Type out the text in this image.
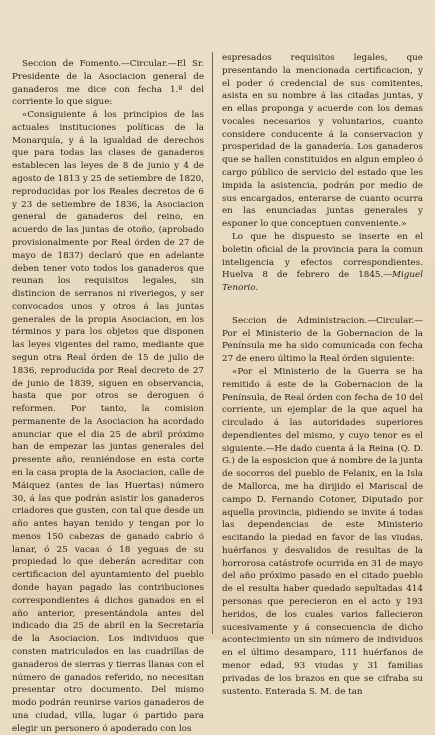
Seccion de Fomento.—Circular.—El Sr. Presidente de la Asociacion general de ganaderos me dice con fecha 1.º del corriente lo que sigue:

«Consiguiente á los principios de las actuales instituciones políticas de la Monarquía, y á la igualdad de derechos que para todas las clases de ganaderos establecen las leyes de 8 de junio y 4 de agosto de 1813 y 25 de setiembre de 1820, reproducidas por los Reales decretos de 6 y 23 de setiembre de 1836, la Asociacion general de ganaderos del reino, en acuerdo de las juntas de otoño, (aprobado provisionalmente por Real órden de 27 de mayo de 1837) declaró que en adelante deben tener voto todos los ganaderos que reunan los requisitos legales, sin distincion de serranos ni riveriegos, y ser convocados unos y otros á las juntas generales de la propia Asociacion, en los términos y para los objetos que disponen las leyes vigentes del ramo, mediante que segun otra Real órden de 15 de julio de 1836, reproducida por Real decreto de 27 de junio de 1839, siguen en observancia, hasta que por otros se deroguen ó reformen. Por tanto, la comision permanente de la Asociacion ha acordado anunciar que el dia 25 de abril próximo han de empezar las juntas generales del presente año, reuniéndose en esta corte en la casa propia de la Asociacion, calle de Máiquez (antes de las Huertas) número 30, á las que podrán asistir los ganaderos criadores que gusten, con tal que desde un año antes hayan tenido y tengan por lo menos 150 cabezas de ganado cabrío ó lanar, ó 25 vacas ó 18 yeguas de su propiedad lo que deberán acreditar con certificacion del ayuntamiento del pueblo donde hayan pagado las contribuciones correspondientes á dichos ganados en el año anterior, presentándola antes del indicado dia 25 de abril en la Secretaría de la Asociacion. Los individuos que consten matriculados en las cuadrillas de ganaderos de sierras y tierras llanas con el número de ganados referido, no necesitan presentar otro documento. Del mismo modo podrán reunirse varios ganaderos de una ciudad, villa, lugar ó partido para elegir un personero ó apoderado con los

espresados requisitos legales, que presentando la mencionada certificacion, y el poder ó credencial de sus comitentes, asista en su nombre á las citadas juntas, y en ellas proponga y acuerde con los demas vocales necesarios y voluntarios, cuanto considere conducente á la conservacion y prosperidad de la ganadería. Los ganaderos que se hallen constituidos en algun empleo ó cargo público de servicio del estado que les impida la asistencia, podrán por medio de sus encargados, enterarse de cuanto ocurra en las enunciadas juntas generales y esponer lo que conceptuen conveniente.»

Lo que he dispuesto se inserte en el boletin oficial de la provincia para la comun inteligencia y efectos correspondientes. Huelva 8 de febrero de 1845.—Miguel Tenorio.

Seccion de Administracion.—Circular.—Por el Ministerio de la Gobernacion de la Península me ha sido comunicada con fecha 27 de enero último la Real órden siguiente:

«Por el Ministerio de la Guerra se ha remitido á este de la Gobernacion de la Península, de Real órden con fecha de 10 del corriente, un ejemplar de la que aquel ha circulado á las autoridades superiores dependientes del mismo, y cuyo tenor es el siguiente.—He dado cuenta á la Reina (Q. D. G.) de la esposicion que á nombre de la junta de socorros del pueblo de Felanix, en la Isla de Mallorca, me ha dirijido el Mariscal de campo D. Fernando Cotoner, Diputado por aquella provincia, pidiendo se invite á todas las dependencias de este Ministerio escitando la piedad en favor de las viudas, huérfanos y desvalidos de resultas de la horrorosa catástrofe ocurrida en 31 de mayo del año próximo pasado en el citado pueblo de el resulta haber quedado sepultadas 414 personas que perecieron en el acto y 193 heridos, de los cuales varios fallecieron sucesivamente y á consecuencia de dicho acontecimiento un sin número de individuos en el último desamparo, 111 huérfanos de menor edad, 93 viudas y 31 familias privadas de los brazos en que se cifraba su sustento. Enterada S. M. de tan
